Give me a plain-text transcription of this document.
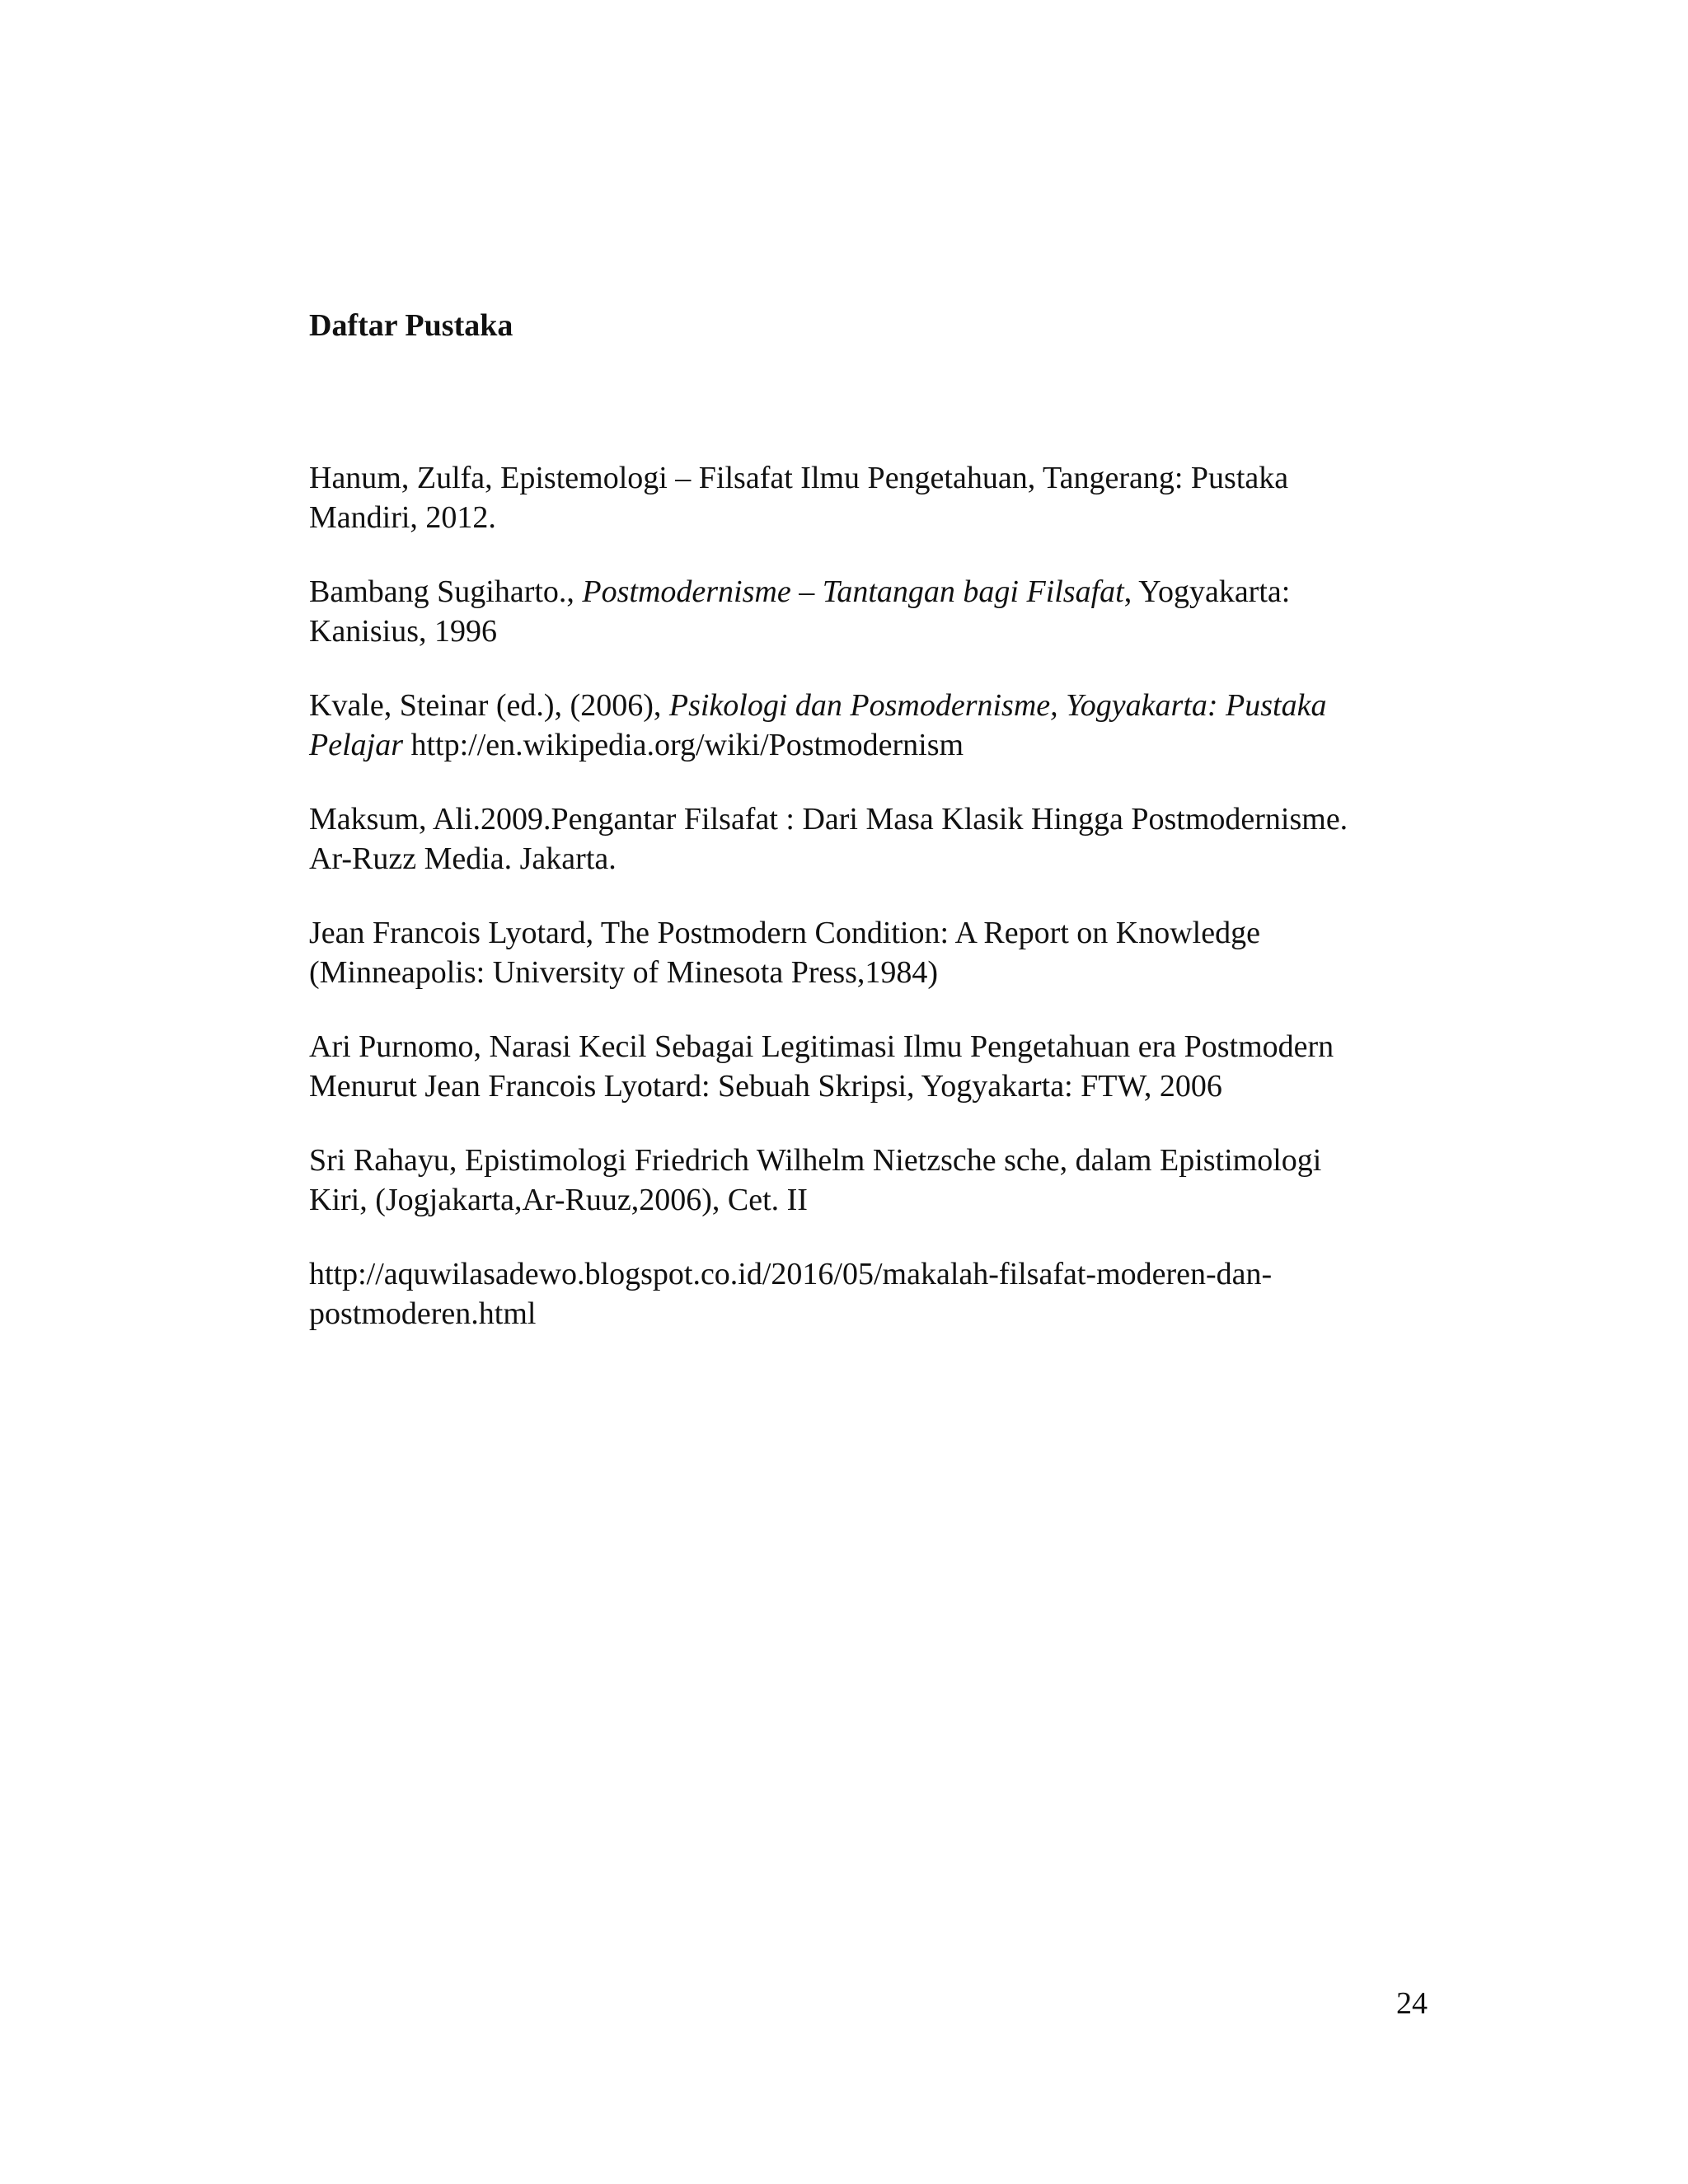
Daftar Pustaka
Hanum, Zulfa, Epistemologi – Filsafat Ilmu Pengetahuan, Tangerang: Pustaka
Mandiri, 2012.
Bambang Sugiharto., Postmodernisme – Tantangan bagi Filsafat, Yogyakarta:
Kanisius, 1996
Kvale, Steinar (ed.), (2006), Psikologi dan Posmodernisme, Yogyakarta: Pustaka
Pelajar http://en.wikipedia.org/wiki/Postmodernism
Maksum, Ali.2009.Pengantar Filsafat : Dari Masa Klasik Hingga Postmodernisme.
Ar-Ruzz Media. Jakarta.
Jean Francois Lyotard, The Postmodern Condition: A Report on Knowledge
(Minneapolis: University of Minesota Press,1984)
Ari Purnomo, Narasi Kecil Sebagai Legitimasi Ilmu Pengetahuan era Postmodern
Menurut Jean Francois Lyotard: Sebuah Skripsi, Yogyakarta: FTW, 2006
Sri Rahayu, Epistimologi Friedrich Wilhelm Nietzsche sche, dalam Epistimologi
Kiri, (Jogjakarta,Ar-Ruuz,2006), Cet. II
http://aquwilasadewo.blogspot.co.id/2016/05/makalah-filsafat-moderen-dan-
postmoderen.html
24
